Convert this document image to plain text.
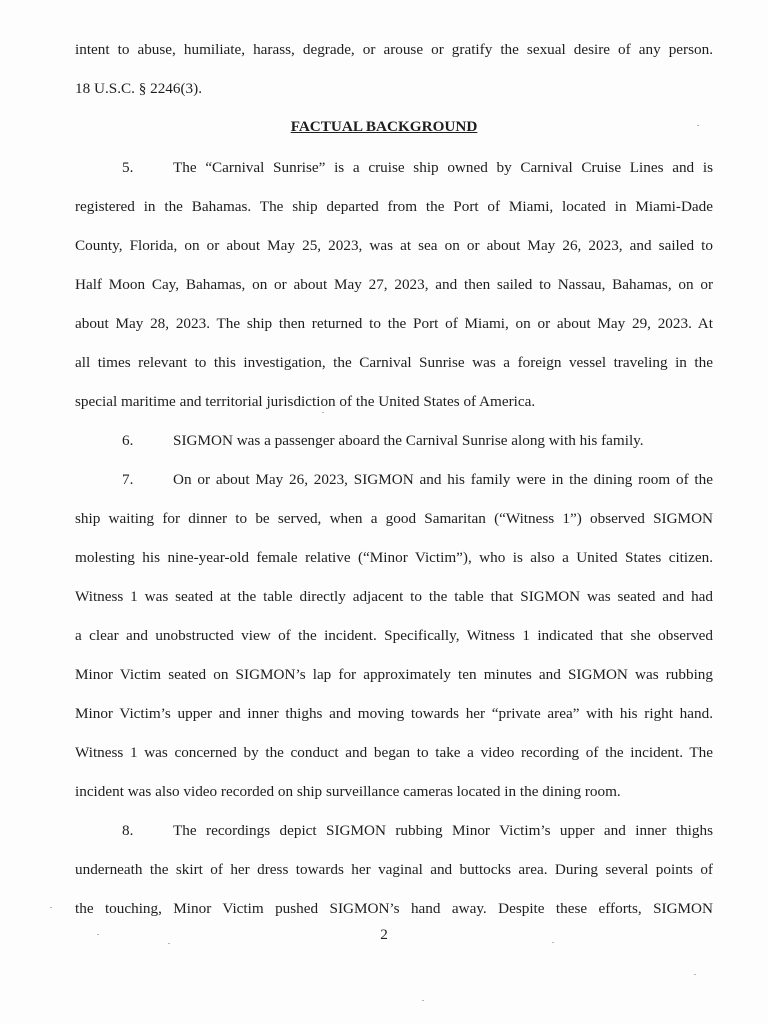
intent to abuse, humiliate, harass, degrade, or arouse or gratify the sexual desire of any person.
18 U.S.C. § 2246(3).
FACTUAL BACKGROUND
5.	The “Carnival Sunrise” is a cruise ship owned by Carnival Cruise Lines and is
registered in the Bahamas. The ship departed from the Port of Miami, located in Miami-Dade
County, Florida, on or about May 25, 2023, was at sea on or about May 26, 2023, and sailed to
Half Moon Cay, Bahamas, on or about May 27, 2023, and then sailed to Nassau, Bahamas, on or
about May 28, 2023. The ship then returned to the Port of Miami, on or about May 29, 2023. At
all times relevant to this investigation, the Carnival Sunrise was a foreign vessel traveling in the
special maritime and territorial jurisdiction of the United States of America.
6.	SIGMON was a passenger aboard the Carnival Sunrise along with his family.
7.	On or about May 26, 2023, SIGMON and his family were in the dining room of the
ship waiting for dinner to be served, when a good Samaritan (“Witness 1”) observed SIGMON
molesting his nine-year-old female relative (“Minor Victim”), who is also a United States citizen.
Witness 1 was seated at the table directly adjacent to the table that SIGMON was seated and had
a clear and unobstructed view of the incident. Specifically, Witness 1 indicated that she observed
Minor Victim seated on SIGMON’s lap for approximately ten minutes and SIGMON was rubbing
Minor Victim’s upper and inner thighs and moving towards her “private area” with his right hand.
Witness 1 was concerned by the conduct and began to take a video recording of the incident. The
incident was also video recorded on ship surveillance cameras located in the dining room.
8.	The recordings depict SIGMON rubbing Minor Victim’s upper and inner thighs
underneath the skirt of her dress towards her vaginal and buttocks area. During several points of
the touching, Minor Victim pushed SIGMON’s hand away. Despite these efforts, SIGMON
2
